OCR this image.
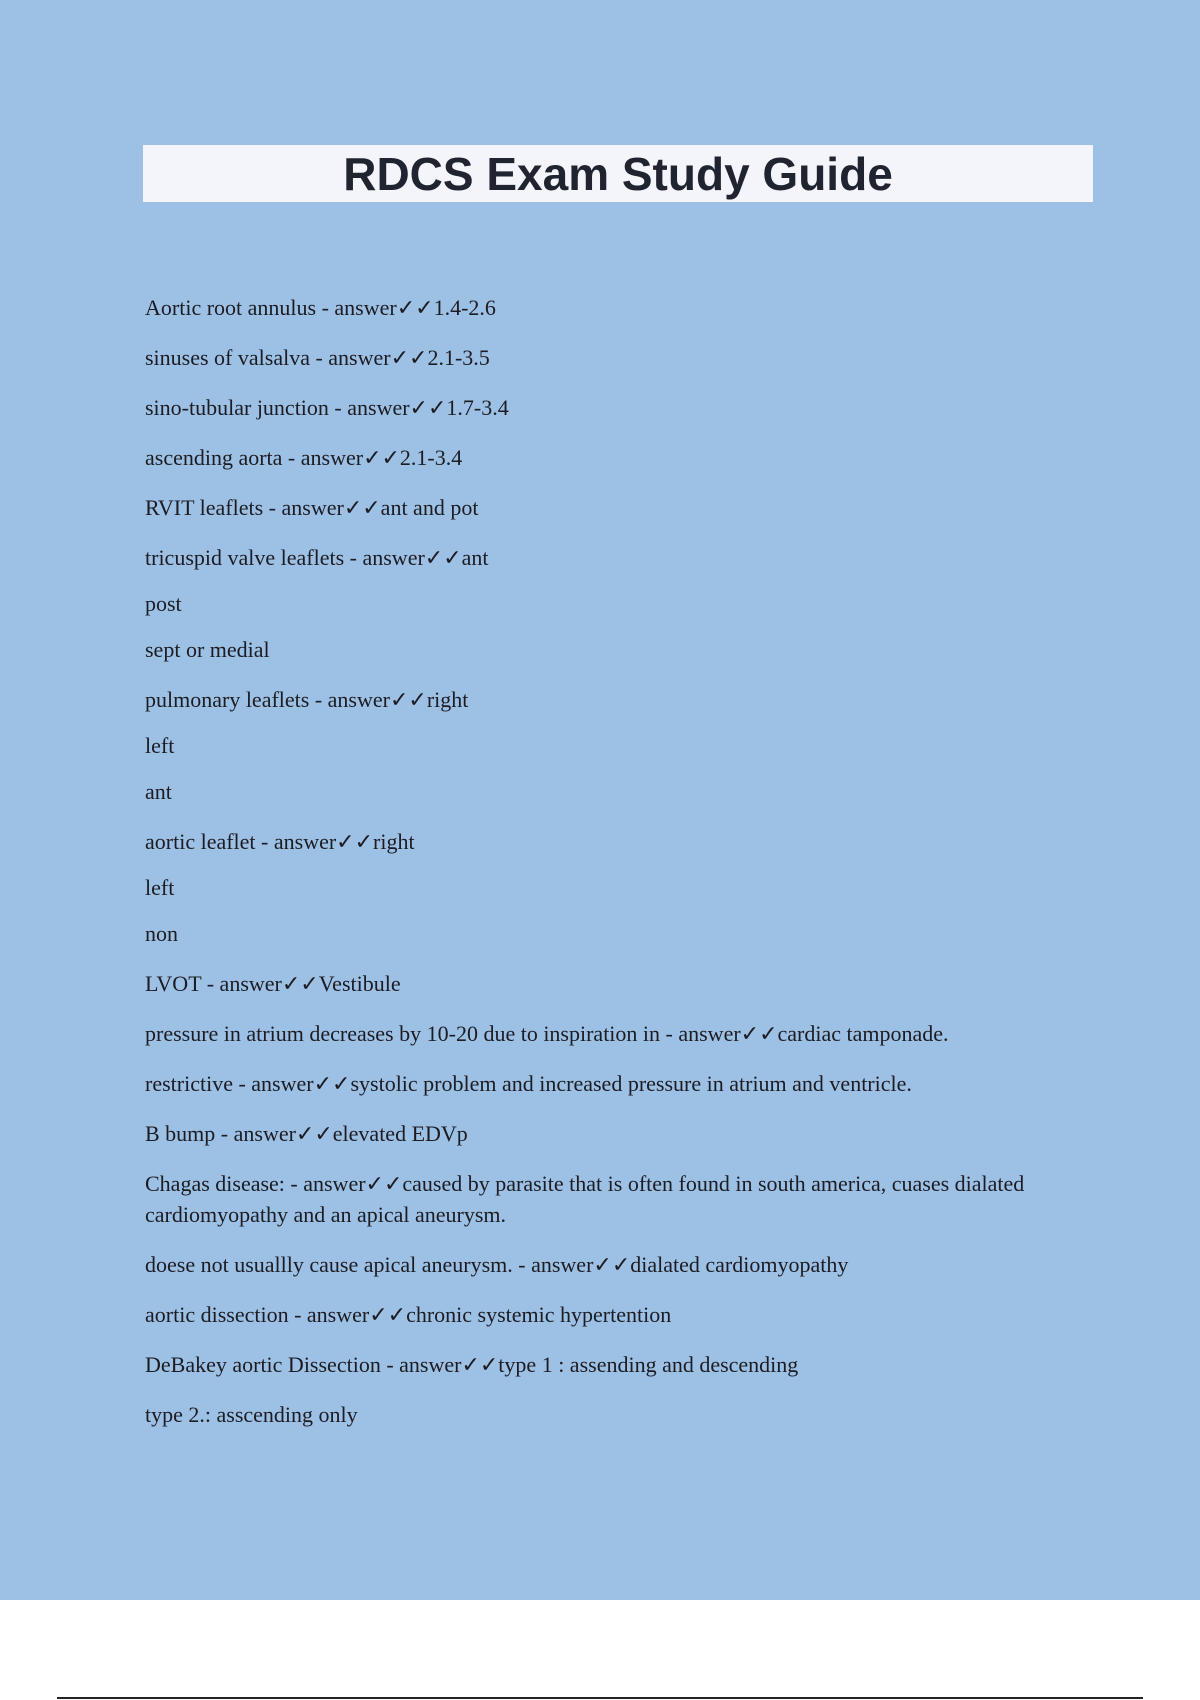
RDCS Exam Study Guide
Aortic root annulus - answer✓✓1.4-2.6
sinuses of valsalva - answer✓✓2.1-3.5
sino-tubular junction - answer✓✓1.7-3.4
ascending aorta - answer✓✓2.1-3.4
RVIT leaflets - answer✓✓ant and pot
tricuspid valve leaflets - answer✓✓ant
post
sept or medial
pulmonary leaflets - answer✓✓right
left
ant
aortic leaflet - answer✓✓right
left
non
LVOT - answer✓✓Vestibule
pressure in atrium decreases by 10-20 due to inspiration in - answer✓✓cardiac tamponade.
restrictive - answer✓✓systolic problem and increased pressure in atrium and ventricle.
B bump - answer✓✓elevated EDVp
Chagas disease: - answer✓✓caused by parasite that is often found in south america, cuases dialated cardiomyopathy and an apical aneurysm.
doese not usuallly cause apical aneurysm. - answer✓✓dialated cardiomyopathy
aortic dissection - answer✓✓chronic systemic hypertention
DeBakey aortic Dissection - answer✓✓type 1 : assending and descending
type 2.: asscending only
